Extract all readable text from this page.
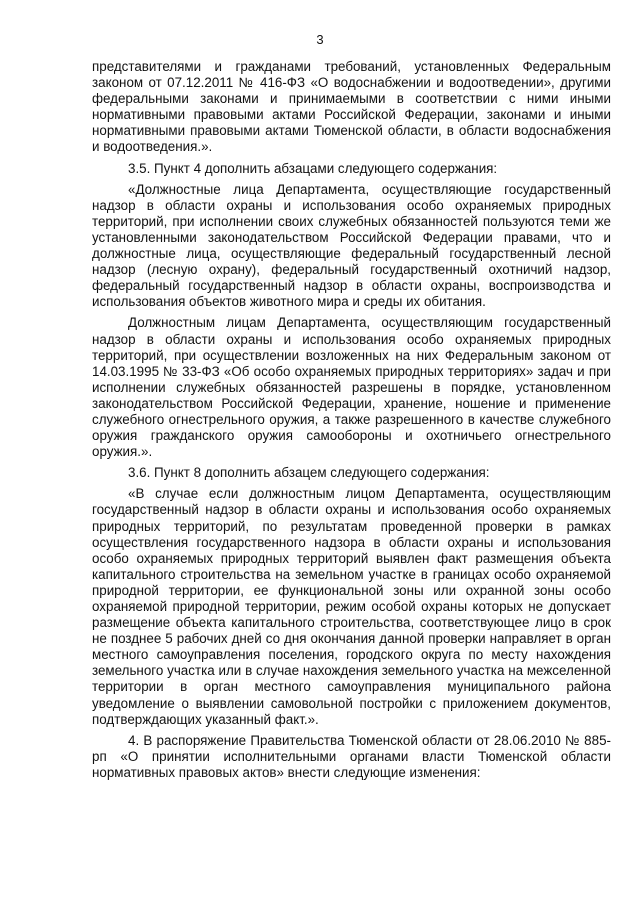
3

представителями и гражданами требований, установленных Федеральным законом от 07.12.2011 № 416-ФЗ «О водоснабжении и водоотведении», другими федеральными законами и принимаемыми в соответствии с ними иными нормативными правовыми актами Российской Федерации, законами и иными нормативными правовыми актами Тюменской области, в области водоснабжения и водоотведения.».

3.5. Пункт 4 дополнить абзацами следующего содержания:

«Должностные лица Департамента, осуществляющие государственный надзор в области охраны и использования особо охраняемых природных территорий, при исполнении своих служебных обязанностей пользуются теми же установленными законодательством Российской Федерации правами, что и должностные лица, осуществляющие федеральный государственный лесной надзор (лесную охрану), федеральный государственный охотничий надзор, федеральный государственный надзор в области охраны, воспроизводства и использования объектов животного мира и среды их обитания.

Должностным лицам Департамента, осуществляющим государственный надзор в области охраны и использования особо охраняемых природных территорий, при осуществлении возложенных на них Федеральным законом от 14.03.1995 № 33-ФЗ «Об особо охраняемых природных территориях» задач и при исполнении служебных обязанностей разрешены в порядке, установленном законодательством Российской Федерации, хранение, ношение и применение служебного огнестрельного оружия, а также разрешенного в качестве служебного оружия гражданского оружия самообороны и охотничьего огнестрельного оружия.».

3.6. Пункт 8 дополнить абзацем следующего содержания:

«В случае если должностным лицом Департамента, осуществляющим государственный надзор в области охраны и использования особо охраняемых природных территорий, по результатам проведенной проверки в рамках осуществления государственного надзора в области охраны и использования особо охраняемых природных территорий выявлен факт размещения объекта капитального строительства на земельном участке в границах особо охраняемой природной территории, ее функциональной зоны или охранной зоны особо охраняемой природной территории, режим особой охраны которых не допускает размещение объекта капитального строительства, соответствующее лицо в срок не позднее 5 рабочих дней со дня окончания данной проверки направляет в орган местного самоуправления поселения, городского округа по месту нахождения земельного участка или в случае нахождения земельного участка на межселенной территории в орган местного самоуправления муниципального района уведомление о выявлении самовольной постройки с приложением документов, подтверждающих указанный факт.».

4. В распоряжение Правительства Тюменской области от 28.06.2010 № 885-рп «О принятии исполнительными органами власти Тюменской области нормативных правовых актов» внести следующие изменения:
